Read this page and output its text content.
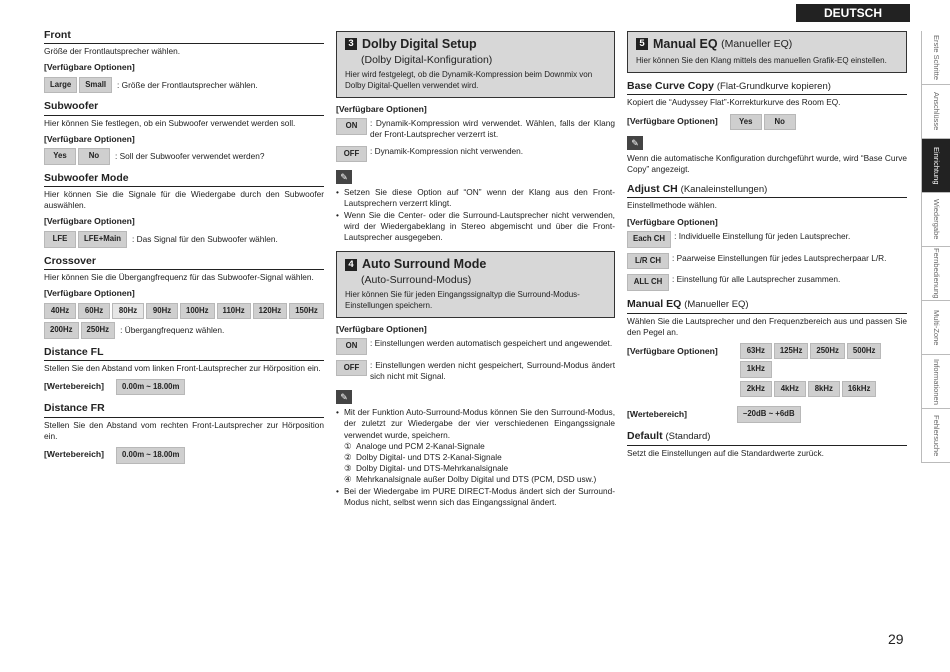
Front
Größe der Frontlautsprecher wählen.
[Verfügbare Optionen]
Large	Small	: Größe der Frontlautsprecher wählen.
Subwoofer
Hier können Sie festlegen, ob ein Subwoofer verwendet werden soll.
[Verfügbare Optionen]
Yes	No	: Soll der Subwoofer verwendet werden?
Subwoofer Mode
Hier können Sie die Signale für die Wiedergabe durch den Subwoofer auswählen.
[Verfügbare Optionen]
LFE	LFE+Main	: Das Signal für den Subwoofer wählen.
Crossover
Hier können Sie die Übergangfrequenz für das Subwoofer-Signal wählen.
[Verfügbare Optionen]
40Hz	60Hz	80Hz	90Hz	100Hz	110Hz	120Hz	150Hz
200Hz	250Hz	: Übergangfrequenz wählen.
Distance FL
Stellen Sie den Abstand vom linken Front-Lautsprecher zur Hörposition ein.
[Wertebereich]	0.00m ~ 18.00m
Distance FR
Stellen Sie den Abstand vom rechten Front-Lautsprecher zur Hörposition ein.
[Wertebereich]	0.00m ~ 18.00m
3 Dolby Digital Setup
(Dolby Digital-Konfiguration)
Hier wird festgelegt, ob die Dynamik-Kompression beim Downmix von Dolby Digital-Quellen verwendet wird.
[Verfügbare Optionen]
ON	: Dynamik-Kompression wird verwendet. Wählen, falls der Klang der Front-Lautsprecher verzerrt ist.
OFF	: Dynamik-Kompression nicht verwenden.
✎
• Setzen Sie diese Option auf “ON” wenn der Klang aus den Front-Lautsprechern verzerrt klingt.
• Wenn Sie die Center- oder die Surround-Lautsprecher nicht verwenden, wird der Wiedergabeklang in Stereo abgemischt und über die Front-Lautsprecher ausgegeben.
4 Auto Surround Mode
(Auto-Surround-Modus)
Hier können Sie für jeden Eingangssignaltyp die Surround-Modus-Einstellungen speichern.
[Verfügbare Optionen]
ON	: Einstellungen werden automatisch gespeichert und angewendet.
OFF	: Einstellungen werden nicht gespeichert, Surround-Modus ändert sich nicht mit Signal.
✎
• Mit der Funktion Auto-Surround-Modus können Sie den Surround-Modus, der zuletzt zur Wiedergabe der vier verschiedenen Eingangssignale verwendet wurde, speichern.
① Analoge und PCM 2-Kanal-Signale
② Dolby Digital- und DTS 2-Kanal-Signale
③ Dolby Digital- und DTS-Mehrkanalsignale
④ Mehrkanalsignale außer Dolby Digital und DTS (PCM, DSD usw.)
• Bei der Wiedergabe im PURE DIRECT-Modus ändert sich der Surround-Modus nicht, selbst wenn sich das Eingangssignal ändert.
5 Manual EQ
(Manueller EQ)
Hier können Sie den Klang mittels des manuellen Grafik-EQ einstellen.
Base Curve Copy (Flat-Grundkurve kopieren)
Kopiert die “Audyssey Flat”-Korrekturkurve des Room EQ.
[Verfügbare Optionen]	Yes	No
✎
Wenn die automatische Konfiguration durchgeführt wurde, wird “Base Curve Copy” angezeigt.
Adjust CH (Kanaleinstellungen)
Einstellmethode wählen.
[Verfügbare Optionen]
Each CH	: Individuelle Einstellung für jeden Lautsprecher.
L/R CH	: Paarweise Einstellungen für jedes Lautsprecherpaar L/R.
ALL CH	: Einstellung für alle Lautsprecher zusammen.
Manual EQ (Manueller EQ)
Wählen Sie die Lautsprecher und den Frequenzbereich aus und passen Sie den Pegel an.
[Verfügbare Optionen]	63Hz	125Hz	250Hz	500Hz
1kHz
2kHz	4kHz	8kHz	16kHz
[Wertebereich]	–20dB ~ +6dB
Default (Standard)
Setzt die Einstellungen auf die Standardwerte zurück.
DEUTSCH
Erste Schritte
Anschlüsse
Einrichtung
Wiedergabe
Fernbedienung
Multi-Zone
Informationen
Fehlersuche
29
